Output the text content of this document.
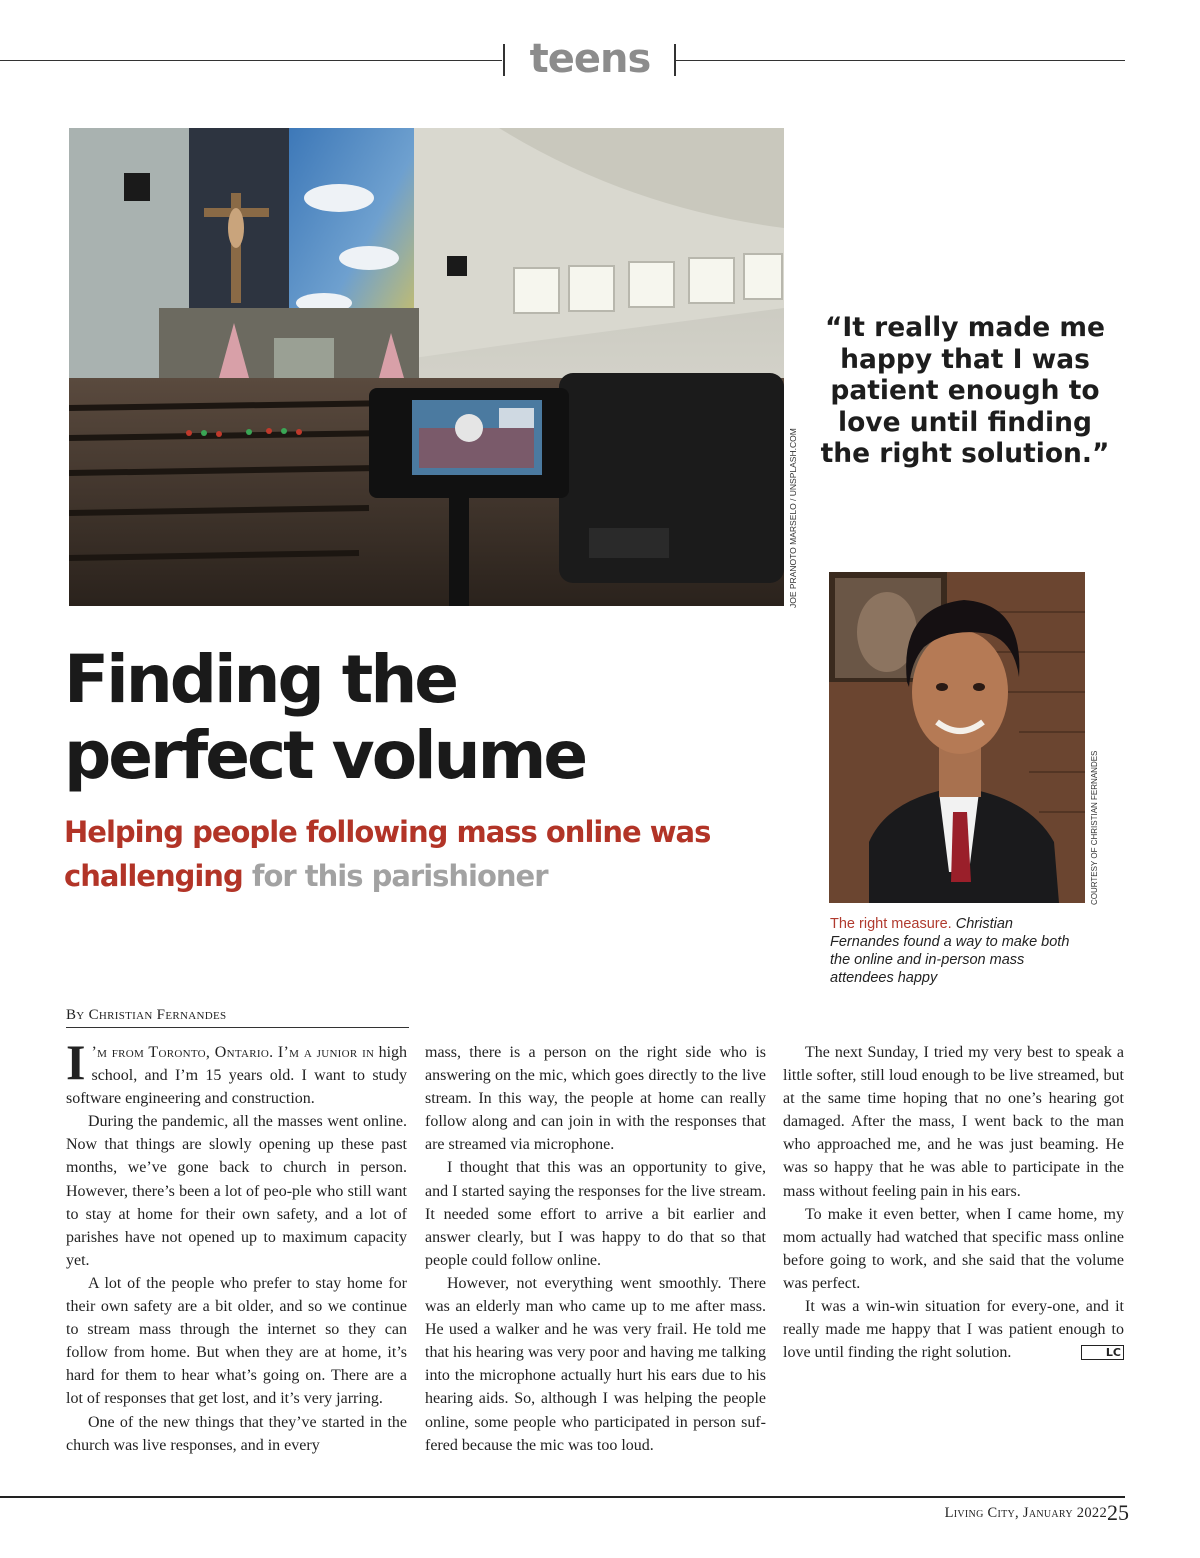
teens
JOE PRANOTO MARSELO / UNSPLASH.COM
“It really made me happy that I was patient enough to love until finding the right solution.”
COURTESY OF CHRISTIAN FERNANDES
The right measure. Christian Fernandes found a way to make both the online and in-person mass attendees happy
Finding the
perfect volume
Helping people following mass online was challenging for this parishioner
By Christian Fernandes

I ’m from Toronto, Ontario. I’m a junior in high school, and I’m 15 years old. I want to study software engineering and construction.

During the pandemic, all the masses went online. Now that things are slowly opening up these past months, we’ve gone back to church in person. However, there’s been a lot of peo-ple who still want to stay at home for their own safety, and a lot of parishes have not opened up to maximum capacity yet.

A lot of the people who prefer to stay home for their own safety are a bit older, and so we continue to stream mass through the internet so they can follow from home. But when they are at home, it’s hard for them to hear what’s going on. There are a lot of responses that get lost, and it’s very jarring.

One of the new things that they’ve started in the church was live responses, and in every

mass, there is a person on the right side who is answering on the mic, which goes directly to the live stream. In this way, the people at home can really follow along and can join in with the responses that are streamed via microphone.

I thought that this was an opportunity to give, and I started saying the responses for the live stream. It needed some effort to arrive a bit earlier and answer clearly, but I was happy to do that so that people could follow online.

However, not everything went smoothly. There was an elderly man who came up to me after mass. He used a walker and he was very frail. He told me that his hearing was very poor and having me talking into the microphone actually hurt his ears due to his hearing aids. So, although I was helping the people online, some people who participated in person suf-fered because the mic was too loud.

The next Sunday, I tried my very best to speak a little softer, still loud enough to be live streamed, but at the same time hoping that no one’s hearing got damaged. After the mass, I went back to the man who approached me, and he was just beaming. He was so happy that he was able to participate in the mass without feeling pain in his ears.

To make it even better, when I came home, my mom actually had watched that specific mass online before going to work, and she said that the volume was perfect.

It was a win-win situation for every-one, and it really made me happy that I was patient enough to love until finding the right solution.	LC

Living City, January 2022 25
